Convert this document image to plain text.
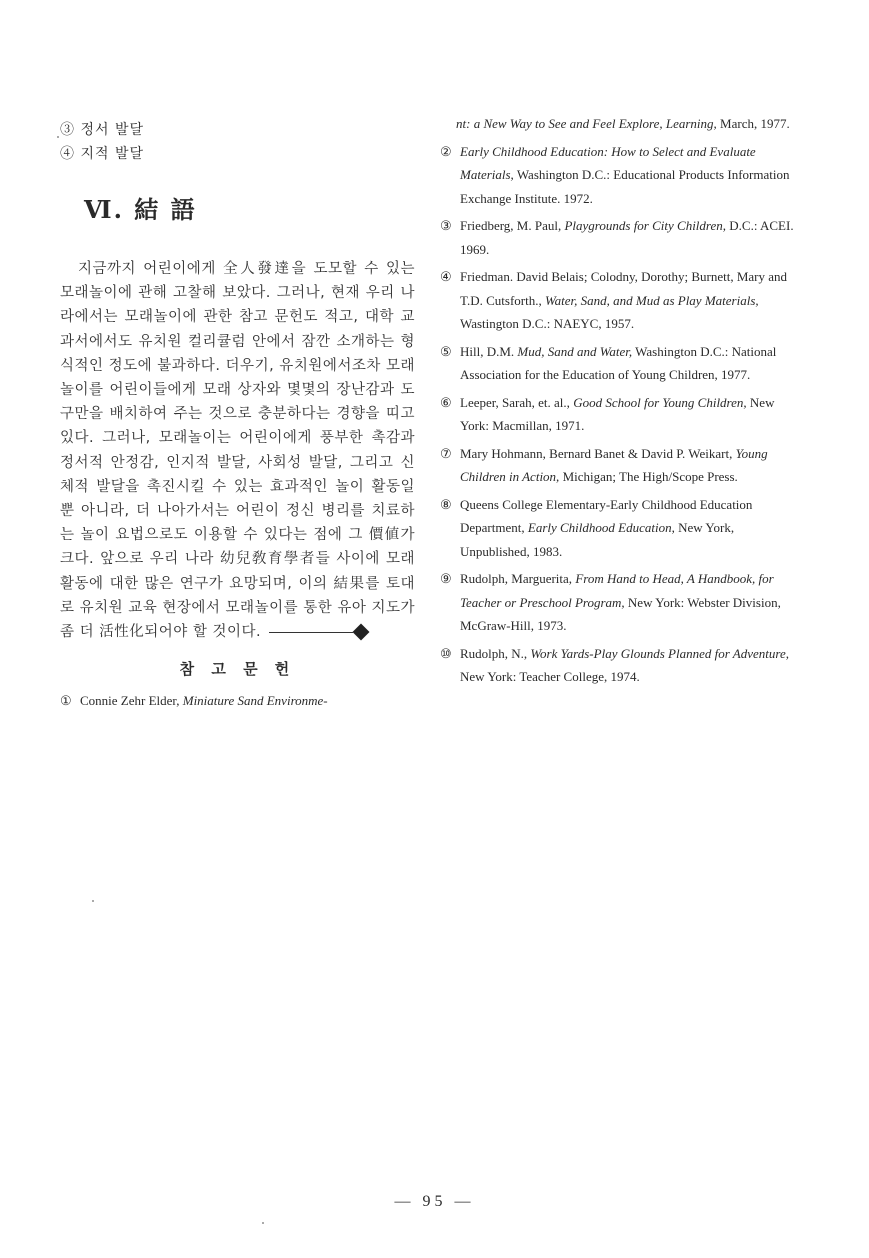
③ 정서 발달
④ 지적 발달
Ⅵ. 結 語

지금까지 어린이에게 全人發達을 도모할 수 있는 모래놀이에 관해 고찰해 보았다. 그러나, 현재 우리 나라에서는 모래놀이에 관한 참고 문헌도 적고, 대학 교과서에서도 유치원 컬리큘럼 안에서 잠깐 소개하는 형식적인 정도에 불과하다. 더우기, 유치원에서조차 모래놀이를 어린이들에게 모래 상자와 몇몇의 장난감과 도구만을 배치하여 주는 것으로 충분하다는 경향을 띠고 있다. 그러나, 모래놀이는 어린이에게 풍부한 촉감과 정서적 안정감, 인지적 발달, 사회성 발달, 그리고 신체적 발달을 촉진시킬 수 있는 효과적인 놀이 활동일 뿐 아니라, 더 나아가서는 어린이 정신 병리를 치료하는 놀이 요법으로도 이용할 수 있다는 점에 그 價値가 크다. 앞으로 우리 나라 幼兒敎育學者들 사이에 모래 활동에 대한 많은 연구가 요망되며, 이의 結果를 토대로 유치원 교육 현장에서 모래놀이를 통한 유아 지도가 좀 더 活性化되어야 할 것이다.

참 고 문 헌
① Connie Zehr Elder, Miniature Sand Environme-
nt: a New Way to See and Feel Explore, Learning, March, 1977.
② Early Childhood Education: How to Select and Evaluate Materials, Washington D.C.: Educational Products Information Exchange Institute. 1972.
③ Friedberg, M. Paul, Playgrounds for City Children, D.C.: ACEI. 1969.
④ Friedman. David Belais; Colodny, Dorothy; Burnett, Mary and T.D. Cutsforth., Water, Sand, and Mud as Play Materials, Wastington D.C.: NAEYC, 1957.
⑤ Hill, D.M. Mud, Sand and Water, Washington D.C.: National Association for the Education of Young Children, 1977.
⑥ Leeper, Sarah, et. al., Good School for Young Children, New York: Macmillan, 1971.
⑦ Mary Hohmann, Bernard Banet & David P. Weikart, Young Children in Action, Michigan; The High/Scope Press.
⑧ Queens College Elementary-Early Childhood Education Department, Early Childhood Education, New York, Unpublished, 1983.
⑨ Rudolph, Marguerita, From Hand to Head, A Handbook, for Teacher or Preschool Program, New York: Webster Division, McGraw-Hill, 1973.
⑩ Rudolph, N., Work Yards-Play Glounds Planned for Adventure, New York: Teacher College, 1974.
— 95 —
